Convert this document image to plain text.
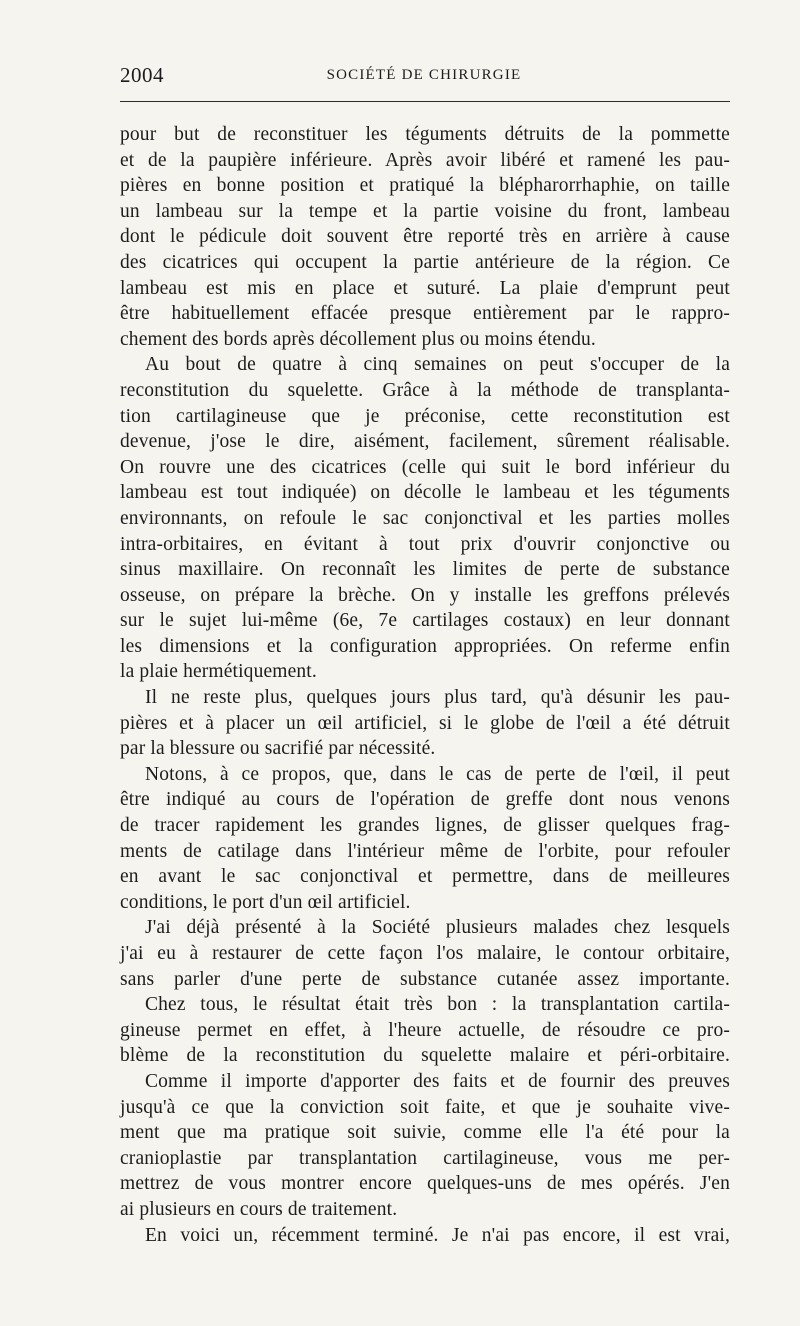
2004	SOCIÉTÉ DE CHIRURGIE
pour but de reconstituer les téguments détruits de la pommette
et de la paupière inférieure. Après avoir libéré et ramené les pau-
pières en bonne position et pratiqué la blépharorrhaphie, on taille
un lambeau sur la tempe et la partie voisine du front, lambeau
dont le pédicule doit souvent être reporté très en arrière à cause
des cicatrices qui occupent la partie antérieure de la région. Ce
lambeau est mis en place et suturé. La plaie d'emprunt peut
être habituellement effacée presque entièrement par le rappro-
chement des bords après décollement plus ou moins étendu.
Au bout de quatre à cinq semaines on peut s'occuper de la
reconstitution du squelette. Grâce à la méthode de transplanta-
tion cartilagineuse que je préconise, cette reconstitution est
devenue, j'ose le dire, aisément, facilement, sûrement réalisable.
On rouvre une des cicatrices (celle qui suit le bord inférieur du
lambeau est tout indiquée) on décolle le lambeau et les téguments
environnants, on refoule le sac conjonctival et les parties molles
intra-orbitaires, en évitant à tout prix d'ouvrir conjonctive ou
sinus maxillaire. On reconnaît les limites de perte de substance
osseuse, on prépare la brèche. On y installe les greffons prélevés
sur le sujet lui-même (6e, 7e cartilages costaux) en leur donnant
les dimensions et la configuration appropriées. On referme enfin
la plaie hermétiquement.
Il ne reste plus, quelques jours plus tard, qu'à désunir les pau-
pières et à placer un œil artificiel, si le globe de l'œil a été détruit
par la blessure ou sacrifié par nécessité.
Notons, à ce propos, que, dans le cas de perte de l'œil, il peut
être indiqué au cours de l'opération de greffe dont nous venons
de tracer rapidement les grandes lignes, de glisser quelques frag-
ments de catilage dans l'intérieur même de l'orbite, pour refouler
en avant le sac conjonctival et permettre, dans de meilleures
conditions, le port d'un œil artificiel.
J'ai déjà présenté à la Société plusieurs malades chez lesquels
j'ai eu à restaurer de cette façon l'os malaire, le contour orbitaire,
sans parler d'une perte de substance cutanée assez importante.
Chez tous, le résultat était très bon : la transplantation cartila-
gineuse permet en effet, à l'heure actuelle, de résoudre ce pro-
blème de la reconstitution du squelette malaire et péri-orbitaire.
Comme il importe d'apporter des faits et de fournir des preuves
jusqu'à ce que la conviction soit faite, et que je souhaite vive-
ment que ma pratique soit suivie, comme elle l'a été pour la
cranioplastie par transplantation cartilagineuse, vous me per-
mettrez de vous montrer encore quelques-uns de mes opérés. J'en
ai plusieurs en cours de traitement.
En voici un, récemment terminé. Je n'ai pas encore, il est vrai,
